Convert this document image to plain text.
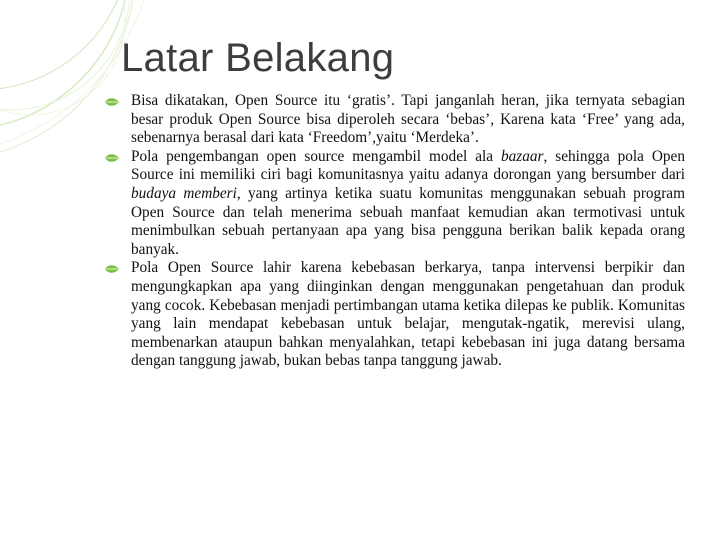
Latar Belakang
Bisa dikatakan, Open Source itu ‘gratis’. Tapi janganlah heran, jika ternyata sebagian besar produk Open Source bisa diperoleh secara ‘bebas’, Karena kata ‘Free’ yang ada, sebenarnya berasal dari kata ‘Freedom’,yaitu ‘Merdeka’.
Pola pengembangan open source mengambil model ala bazaar, sehingga pola Open Source ini memiliki ciri bagi komunitasnya yaitu adanya dorongan yang bersumber dari budaya memberi, yang artinya ketika suatu komunitas menggunakan sebuah program Open Source dan telah menerima sebuah manfaat kemudian akan termotivasi untuk menimbulkan sebuah pertanyaan apa yang bisa pengguna berikan balik kepada orang banyak.
Pola Open Source lahir karena kebebasan berkarya, tanpa intervensi berpikir dan mengungkapkan apa yang diinginkan dengan menggunakan pengetahuan dan produk yang cocok. Kebebasan menjadi pertimbangan utama ketika dilepas ke publik. Komunitas yang lain mendapat kebebasan untuk belajar, mengutak-ngatik, merevisi ulang, membenarkan ataupun bahkan menyalahkan, tetapi kebebasan ini juga datang bersama dengan tanggung jawab, bukan bebas tanpa tanggung jawab.
